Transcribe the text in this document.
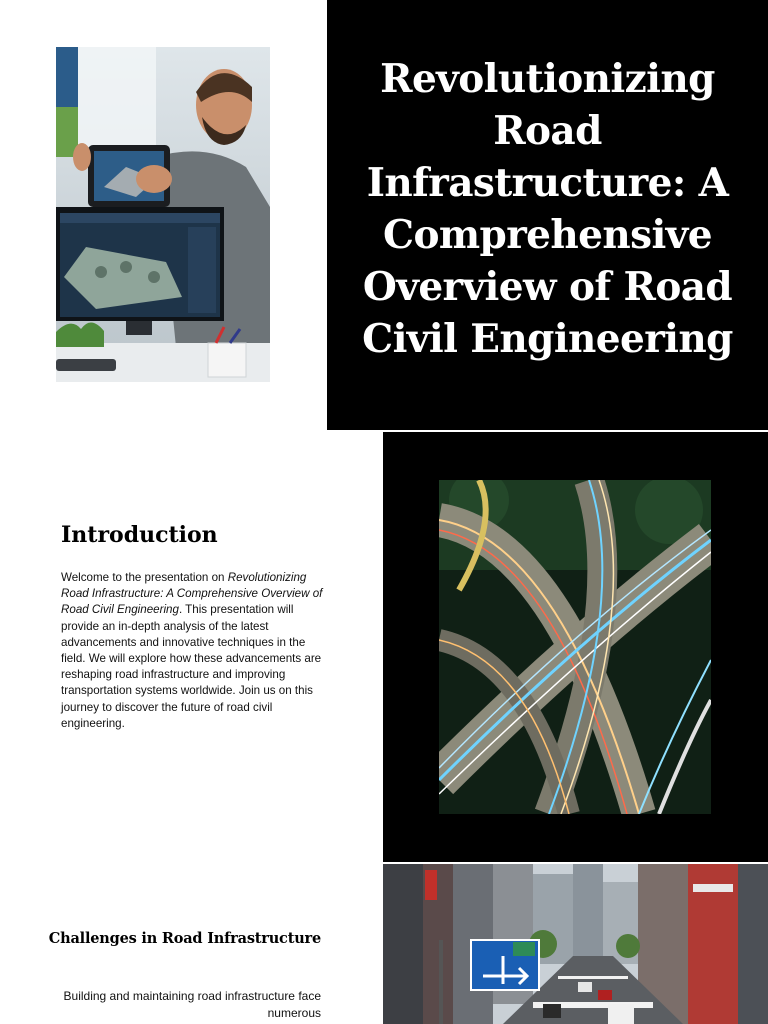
Revolutionizing Road Infrastructure: A Comprehensive Overview of Road Civil Engineering
Introduction

Welcome to the presentation on Revolutionizing Road Infrastructure: A Comprehensive Overview of Road Civil Engineering. This presentation will provide an in-depth analysis of the latest advancements and innovative techniques in the field. We will explore how these advancements are reshaping road infrastructure and improving transportation systems worldwide. Join us on this journey to discover the future of road civil engineering.

Challenges in Road Infrastructure

Building and maintaining road infrastructure face numerous
